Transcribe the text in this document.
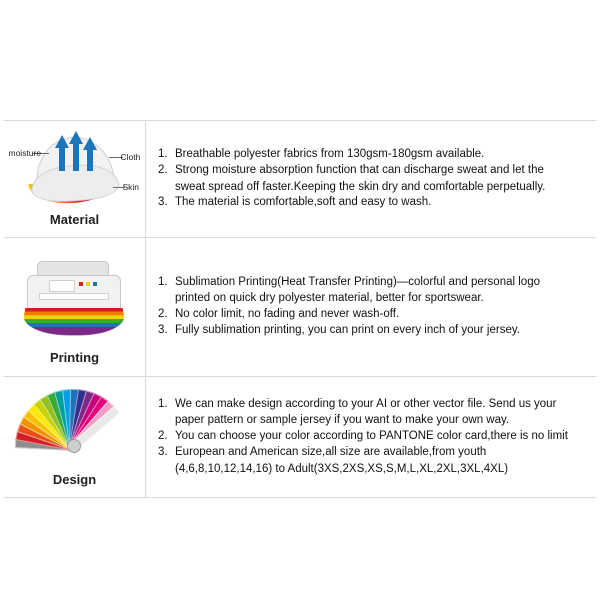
moisture	Cloth
Skin
Material
1. Breathable polyester fabrics from 130gsm-180gsm available.
2. Strong moisture absorption function that can discharge sweat and let the
sweat spread off faster.Keeping the skin dry and comfortable perpetually.
3. The material is comfortable,soft and easy to wash.
Printing
1. Sublimation Printing(Heat Transfer Printing)—colorful and personal logo
printed on quick dry polyester material, better for sportswear.
2. No color limit, no fading and never wash-off.
3. Fully sublimation printing, you can print on every inch of your jersey.
Design
1. We can make design according to your AI or other vector file. Send us your
paper pattern or sample jersey if you want to make your own way.
2. You can choose your color according to PANTONE color card,there is no limit
3. European and American size,all size are available,from youth
(4,6,8,10,12,14,16) to Adult(3XS,2XS,XS,S,M,L,XL,2XL,3XL,4XL)
